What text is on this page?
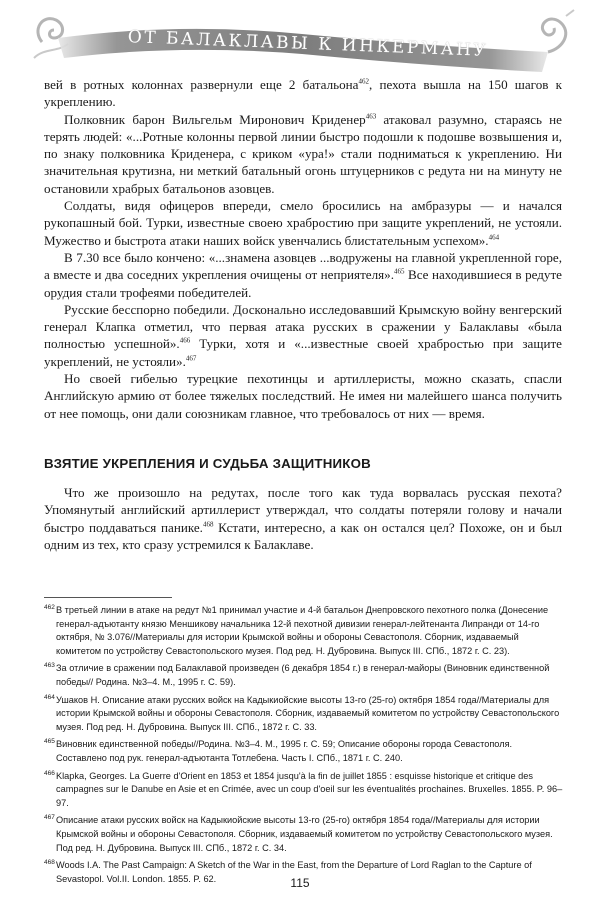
ОТ БАЛАКЛАВЫ К ИНКЕРМАНУ

вей в ротных колоннах развернули еще 2 батальона$^{462}$, пехота вышла на 150 шагов к укреплению.

Полковник барон Вильгельм Миронович Криденер$^{463}$ атаковал разумно, стараясь не терять людей: «...Ротные колонны первой линии быстро подошли к подошве возвышения и, по знаку полковника Криденера, с криком «ура!» стали подниматься к укреплению. Ни значительная крутизна, ни меткий батальный огонь штуцерников с редута ни на минуту не остановили храбрых батальонов азовцев.

Солдаты, видя офицеров впереди, смело бросились на амбразуры — и начался рукопашный бой. Турки, известные своею храбростию при защите укреплений, не устояли. Мужество и быстрота атаки наших войск увенчались блистательным успехом».$^{464}$

В 7.30 все было кончено: «...знамена азовцев ...водружены на главной укрепленной горе, а вместе и два соседних укрепления очищены от неприятеля».$^{465}$ Все находившиеся в редуте орудия стали трофеями победителей.

Русские бесспорно победили. Досконально исследовавший Крымскую войну венгерский генерал Клапка отметил, что первая атака русских в сражении у Балаклавы «была полностью успешной».$^{466}$ Турки, хотя и «...известные своей храбростью при защите укреплений, не устояли».$^{467}$

Но своей гибелью турецкие пехотинцы и артиллеристы, можно сказать, спасли Английскую армию от более тяжелых последствий. Не имея ни малейшего шанса получить от нее помощь, они дали союзникам главное, что требовалось от них — время.

ВЗЯТИЕ УКРЕПЛЕНИЯ И СУДЬБА ЗАЩИТНИКОВ

Что же произошло на редутах, после того как туда ворвалась русская пехота? Упомянутый английский артиллерист утверждал, что солдаты потеряли голову и начали быстро поддаваться панике.$^{468}$ Кстати, интересно, а как он остался цел? Похоже, он и был одним из тех, кто сразу устремился к Балаклаве.

462 В третьей линии в атаке на редут №1 принимал участие и 4-й батальон Днепровского пехотного полка (Донесение генерал-адъютанту князю Меншикову начальника 12-й пехотной дивизии генерал-лейтенанта Липранди от 14-го октября, № 3.076//Материалы для истории Крымской войны и обороны Севастополя. Сборник, издаваемый комитетом по устройству Севастопольского музея. Под ред. Н. Дубровина. Выпуск III. СПб., 1872 г. С. 23).
463 За отличие в сражении под Балаклавой произведен (6 декабря 1854 г.) в генерал-майоры (Виновник единственной победы// Родина. №3–4. М., 1995 г. С. 59).
464 Ушаков Н. Описание атаки русских войск на Кадыкиойские высоты 13-го (25-го) октября 1854 года//Материалы для истории Крымской войны и обороны Севастополя. Сборник, издаваемый комитетом по устройству Севастопольского музея. Под ред. Н. Дубровина. Выпуск III. СПб., 1872 г. С. 33.
465 Виновник единственной победы//Родина. №3–4. М., 1995 г. С. 59; Описание обороны города Севастополя. Составлено под рук. генерал-адъютанта Тотлебена. Часть I. СПб., 1871 г. С. 240.
466 Klapka, Georges. La Guerre d'Orient en 1853 et 1854 jusqu'à la fin de juillet 1855 : esquisse historique et critique des campagnes sur le Danube en Asie et en Crimée, avec un coup d'oeil sur les éventualités prochaines. Bruxelles. 1855. P. 96–97.
467 Описание атаки русских войск на Кадыкиойские высоты 13-го (25-го) октября 1854 года//Материалы для истории Крымской войны и обороны Севастополя. Сборник, издаваемый комитетом по устройству Севастопольского музея. Под ред. Н. Дубровина. Выпуск III. СПб., 1872 г. С. 34.
468 Woods I.A. The Past Campaign: A Sketch of the War in the East, from the Departure of Lord Raglan to the Capture of Sevastopol. Vol.II. London. 1855. P. 62.	115
